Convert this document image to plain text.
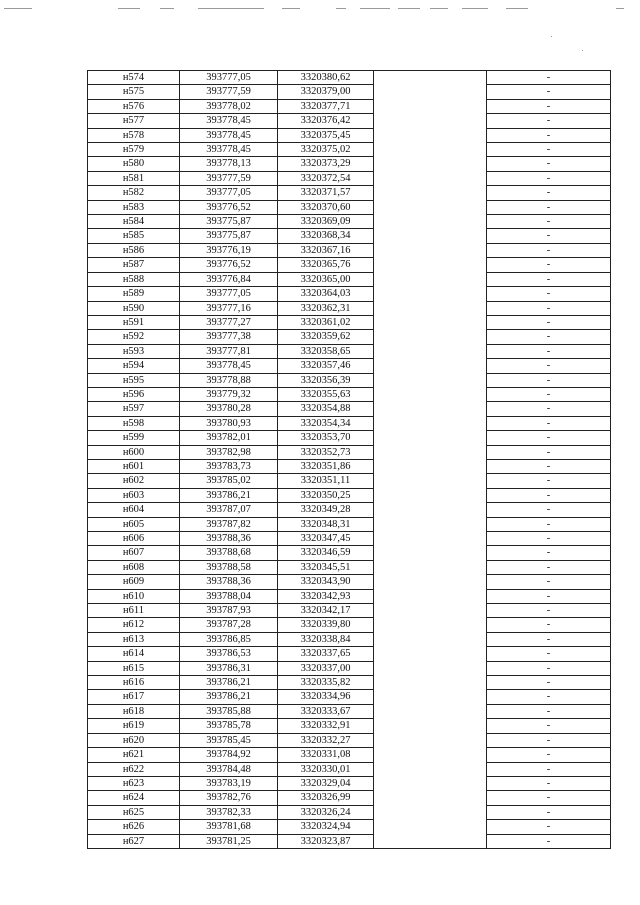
н574	393777,05	3320380,62		-
н575	393777,59	3320379,00		-
н576	393778,02	3320377,71		-
н577	393778,45	3320376,42		-
н578	393778,45	3320375,45		-
н579	393778,45	3320375,02		-
н580	393778,13	3320373,29		-
н581	393777,59	3320372,54		-
н582	393777,05	3320371,57		-
н583	393776,52	3320370,60		-
н584	393775,87	3320369,09		-
н585	393775,87	3320368,34		-
н586	393776,19	3320367,16		-
н587	393776,52	3320365,76		-
н588	393776,84	3320365,00		-
н589	393777,05	3320364,03		-
н590	393777,16	3320362,31		-
н591	393777,27	3320361,02		-
н592	393777,38	3320359,62		-
н593	393777,81	3320358,65		-
н594	393778,45	3320357,46		-
н595	393778,88	3320356,39		-
н596	393779,32	3320355,63		-
н597	393780,28	3320354,88		-
н598	393780,93	3320354,34		-
н599	393782,01	3320353,70		-
н600	393782,98	3320352,73		-
н601	393783,73	3320351,86		-
н602	393785,02	3320351,11		-
н603	393786,21	3320350,25		-
н604	393787,07	3320349,28		-
н605	393787,82	3320348,31		-
н606	393788,36	3320347,45		-
н607	393788,68	3320346,59		-
н608	393788,58	3320345,51		-
н609	393788,36	3320343,90		-
н610	393788,04	3320342,93		-
н611	393787,93	3320342,17		-
н612	393787,28	3320339,80		-
н613	393786,85	3320338,84		-
н614	393786,53	3320337,65		-
н615	393786,31	3320337,00		-
н616	393786,21	3320335,82		-
н617	393786,21	3320334,96		-
н618	393785,88	3320333,67		-
н619	393785,78	3320332,91		-
н620	393785,45	3320332,27		-
н621	393784,92	3320331,08		-
н622	393784,48	3320330,01		-
н623	393783,19	3320329,04		-
н624	393782,76	3320326,99		-
н625	393782,33	3320326,24		-
н626	393781,68	3320324,94		-
н627	393781,25	3320323,87		-
